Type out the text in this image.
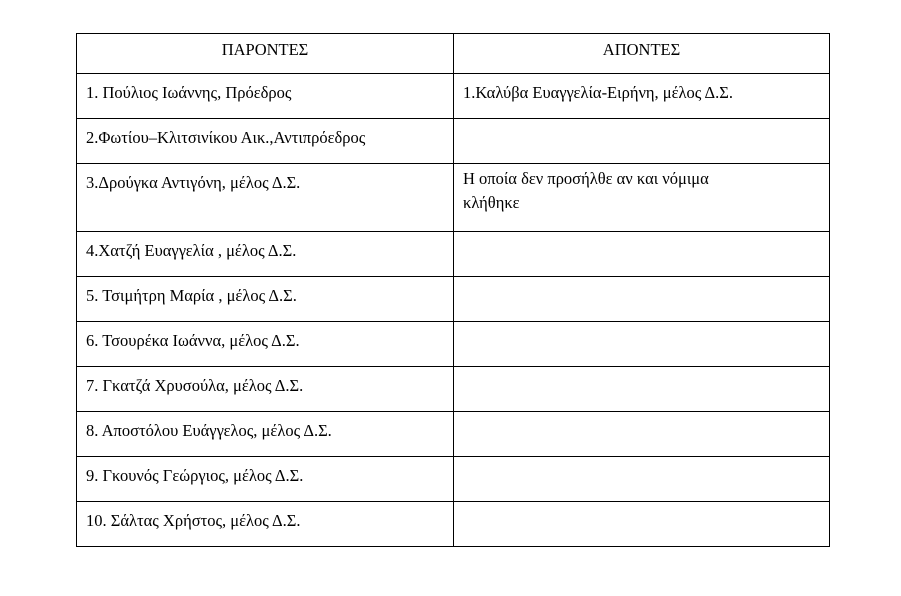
ΠΑΡΟΝΤΕΣ	ΑΠΟΝΤΕΣ
1. Πούλιος Ιωάννης, Πρόεδρος	1.Καλύβα Ευαγγελία-Ειρήνη, μέλος Δ.Σ.
2.Φωτίου–Κλιτσινίκου Αικ.,Αντιπρόεδρος	
3.Δρούγκα Αντιγόνη, μέλος Δ.Σ.	Η οποία δεν προσήλθε αν και νόμιμα κλήθηκε
4.Χατζή Ευαγγελία , μέλος Δ.Σ.	
5. Τσιμήτρη Μαρία , μέλος Δ.Σ.	
6. Τσουρέκα Ιωάννα, μέλος Δ.Σ.	
7. Γκατζά Χρυσούλα, μέλος Δ.Σ.	
8. Αποστόλου Ευάγγελος, μέλος Δ.Σ.	
9. Γκουνός Γεώργιος, μέλος Δ.Σ.	
10. Σάλτας Χρήστος, μέλος Δ.Σ.	
